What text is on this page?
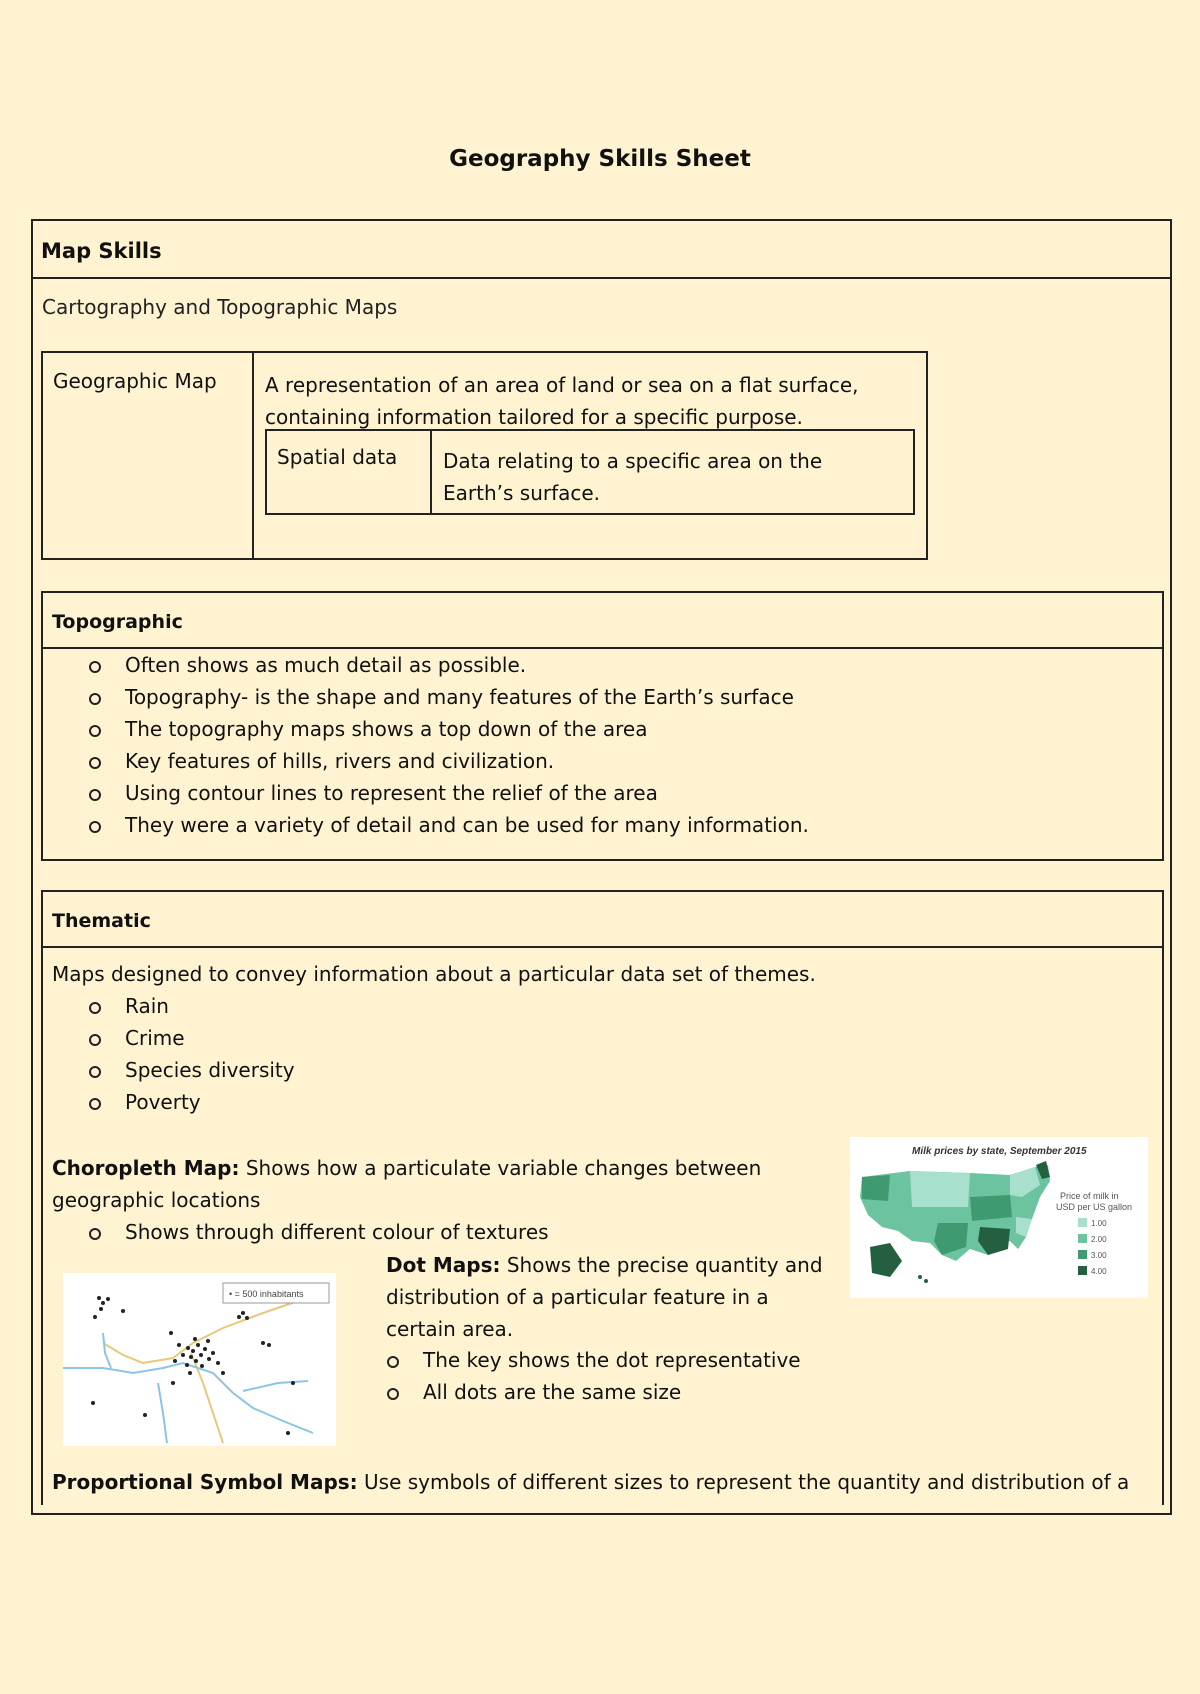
Geography Skills Sheet
Map Skills
Cartography and Topographic Maps
Geographic Map	A representation of an area of land or sea on a flat surface,
containing information tailored for a specific purpose.
Spatial data	Data relating to a specific area on the
Earth’s surface.
Topographic
Often shows as much detail as possible.
Topography- is the shape and many features of the Earth’s surface
The topography maps shows a top down of the area
Key features of hills, rivers and civilization.
Using contour lines to represent the relief of the area
They were a variety of detail and can be used for many information.
Thematic
Maps designed to convey information about a particular data set of themes.
Rain
Crime
Species diversity
Poverty
Choropleth Map: Shows how a particulate variable changes between
geographic locations
Shows through different colour of textures
Milk prices by state, September 2015
Price of milk in
USD per US gallon
1.00
2.00
3.00
4.00
• = 500 inhabitants
Dot Maps: Shows the precise quantity and
distribution of a particular feature in a
certain area.
The key shows the dot representative
All dots are the same size
Proportional Symbol Maps: Use symbols of different sizes to represent the quantity and distribution of a
